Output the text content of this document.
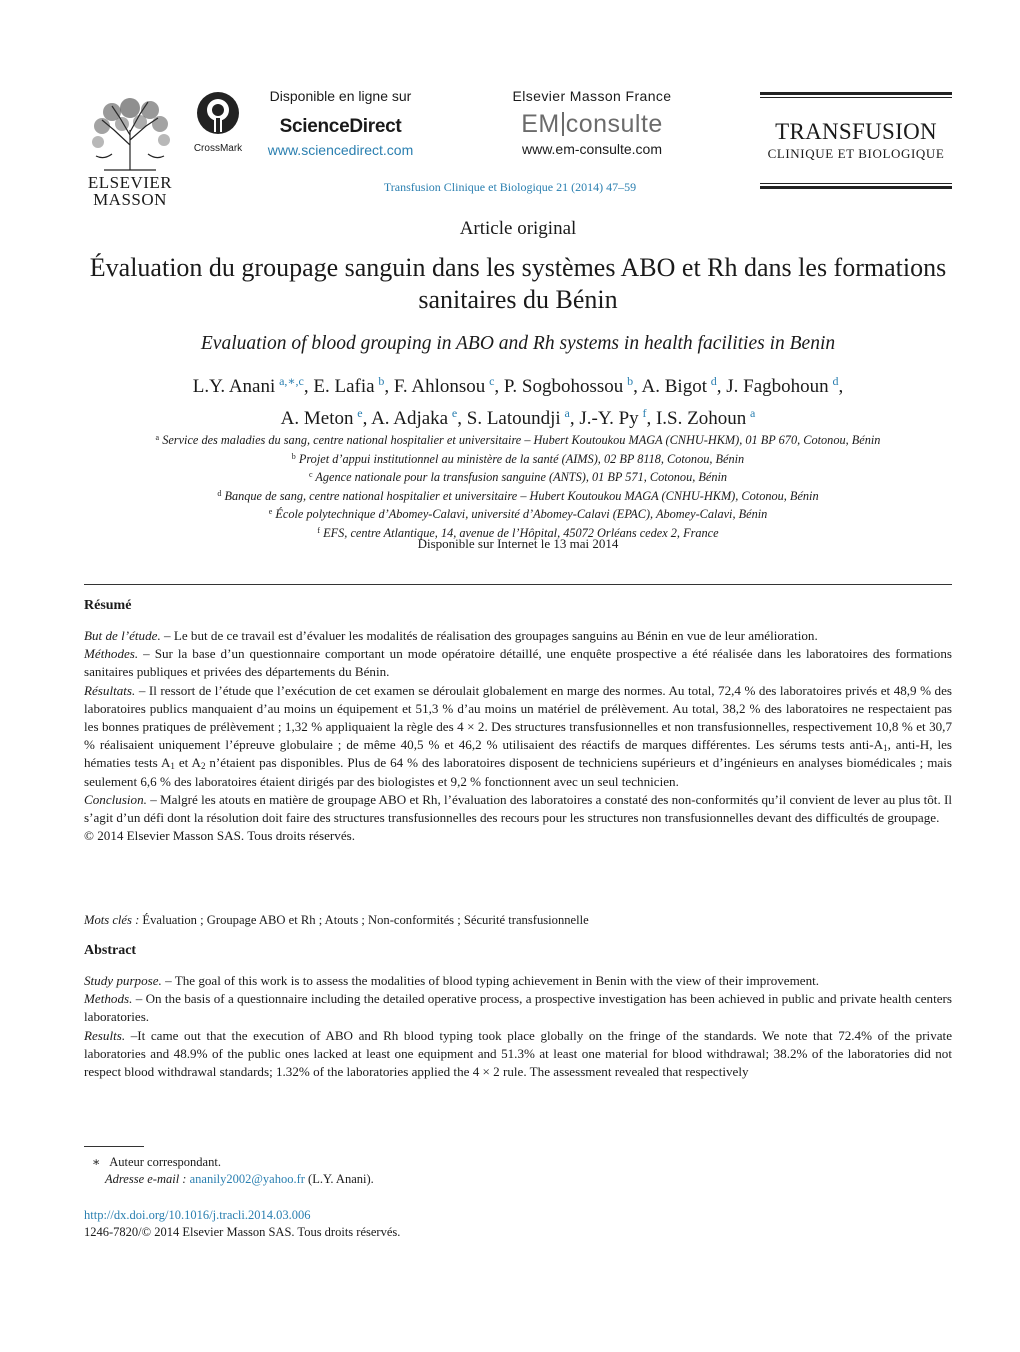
ELSEVIER
MASSON
CrossMark
Disponible en ligne sur
ScienceDirect
www.sciencedirect.com
Elsevier Masson France
EM consulte
www.em-consulte.com
TRANSFUSION
CLINIQUE ET BIOLOGIQUE
Transfusion Clinique et Biologique 21 (2014) 47–59
Article original
Évaluation du groupage sanguin dans les systèmes ABO et Rh dans les formations sanitaires du Bénin
Evaluation of blood grouping in ABO and Rh systems in health facilities in Benin
L.Y. Anani  $^{a,∗,c}$, E. Lafia  $^b$, F. Ahlonsou  $^c$, P. Sogbohossou  $^b$, A. Bigot  $^d$, J. Fagbohoun  $^d$,
A. Meton  $^e$, A. Adjaka  $^e$, S. Latoundji  $^a$, J.-Y. Py  $^f$, I.S. Zohoun  $^a$
$^a$ Service des maladies du sang, centre national hospitalier et universitaire – Hubert Koutoukou MAGA (CNHU-HKM), 01 BP 670, Cotonou, Bénin
$^b$ Projet d’appui institutionnel au ministère de la santé (AIMS), 02 BP 8118, Cotonou, Bénin
$^c$ Agence nationale pour la transfusion sanguine (ANTS), 01 BP 571, Cotonou, Bénin
$^d$ Banque de sang, centre national hospitalier et universitaire – Hubert Koutoukou MAGA (CNHU-HKM), Cotonou, Bénin
$^e$ École polytechnique d’Abomey-Calavi, université d’Abomey-Calavi (EPAC), Abomey-Calavi, Bénin
$^f$ EFS, centre Atlantique, 14, avenue de l’Hôpital, 45072 Orléans cedex 2, France
Disponible sur Internet le 13 mai 2014
Résumé

But de l’étude. – Le but de ce travail est d’évaluer les modalités de réalisation des groupages sanguins au Bénin en vue de leur amélioration.

Méthodes. – Sur la base d’un questionnaire comportant un mode opératoire détaillé, une enquête prospective a été réalisée dans les laboratoires des formations sanitaires publiques et privées des départements du Bénin.

Résultats. – Il ressort de l’étude que l’exécution de cet examen se déroulait globalement en marge des normes. Au total, 72,4 % des laboratoires privés et 48,9 % des laboratoires publics manquaient d’au moins un équipement et 51,3 % d’au moins un matériel de prélèvement. Au total, 38,2 % des laboratoires ne respectaient pas les bonnes pratiques de prélèvement ; 1,32 % appliquaient la règle des 4 × 2. Des structures transfusionnelles et non transfusionnelles, respectivement 10,8 % et 30,7 % réalisaient uniquement l’épreuve globulaire ; de même 40,5 % et 46,2 % utilisaient des réactifs de marques différentes. Les sérums tests anti-$A_1$, anti-H, les hématies tests $A_1$ et $A_2$ n’étaient pas disponibles. Plus de 64 % des laboratoires disposent de techniciens supérieurs et d’ingénieurs en analyses biomédicales ; mais seulement 6,6 % des laboratoires étaient dirigés par des biologistes et 9,2 % fonctionnent avec un seul technicien.

Conclusion. – Malgré les atouts en matière de groupage ABO et Rh, l’évaluation des laboratoires a constaté des non-conformités qu’il convient de lever au plus tôt. Il s’agit d’un défi dont la résolution doit faire des structures transfusionnelles des recours pour les structures non transfusionnelles devant des difficultés de groupage.

© 2014 Elsevier Masson SAS. Tous droits réservés.

Mots clés : Évaluation ; Groupage ABO et Rh ; Atouts ; Non-conformités ; Sécurité transfusionnelle
Abstract

Study purpose. – The goal of this work is to assess the modalities of blood typing achievement in Benin with the view of their improvement.

Methods. – On the basis of a questionnaire including the detailed operative process, a prospective investigation has been achieved in public and private health centers laboratories.

Results. –It came out that the execution of ABO and Rh blood typing took place globally on the fringe of the standards. We note that 72.4% of the private laboratories and 48.9% of the public ones lacked at least one equipment and 51.3% at least one material for blood withdrawal; 38.2% of the laboratories did not respect blood withdrawal standards; 1.32% of the laboratories applied the 4 × 2 rule. The assessment revealed that respectively

∗ Auteur correspondant.
Adresse e-mail : ananily2002@yahoo.fr (L.Y. Anani).
http://dx.doi.org/10.1016/j.tracli.2014.03.006
1246-7820/© 2014 Elsevier Masson SAS. Tous droits réservés.
